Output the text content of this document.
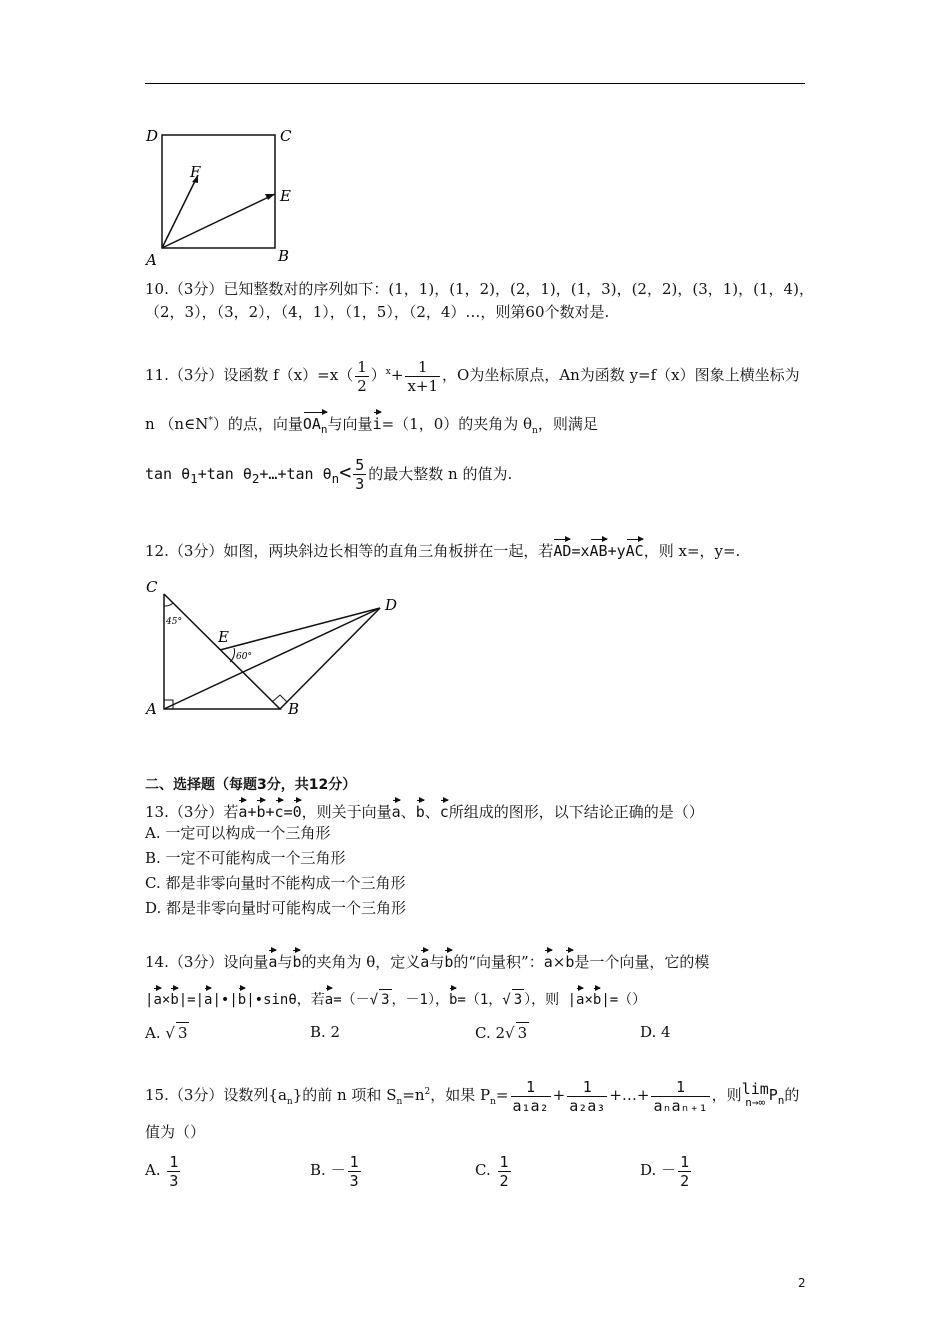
D	C
F
E
A	B
10.（3分）已知整数对的序列如下：(1，1)，(1，2)，(2，1)，(1，3)，(2，2)，(3，1)，(1，4)，
（2，3），（3，2），（4，1），（1，5），（2，4）…，则第60个数对是.
11.（3分）设函数 $f(x)=x( \frac{1}{2} )^x+ \frac{1}{x+1}$ ，O为坐标原点，An为函数 y=f（x）图象上横坐标为
n （n∈N*）的点，向量$OA_n$与向量i=（1，0）的夹角为 $\theta_n$，则满足
$\tan \theta_1+\tan$ $\theta_2+\dots+\tan$ $\theta_n< \frac{5}{3}$ 的最大整数 n 的值为.
12.（3分）如图，两块斜边长相等的直角三角板拼在一起，若AD=xAB+yAC，则 x=，y=.
C
D
E
A	B
45°
60°
二、选择题（每题3分，共12分）
13.（3分）若a+b+c=0，则关于向量a、b、c所组成的图形，以下结论正确的是（）
A. 一定可以构成一个三角形
B. 一定不可能构成一个三角形
C. 都是非零向量时不能构成一个三角形
D. 都是非零向量时可能构成一个三角形
14.（3分）设向量a与b的夹角为 θ，定义a与b的“向量积”：a×b是一个向量，它的模
|a×b|=|a|•|b|•sinθ，若a=（－√ 3 ，－1），b=（1，√ 3 ），则 |a×b|=（）
A. √ 3	B. 2	C. 2√ 3	D. 4
15.（3分）设数列$\{a_n\}$的前 n 项和 $S_n=n^2$，如果 $P_n= \frac{1}{\text{a₁a₂}} + \frac{1}{\text{a₂a₃}}$ +…+ $\frac{1}{\text{aₙaₙ₊₁}}$ ，则 lim
n→∞ $P_n$的
值为（）
A. $\frac{1}{3}$	B. － $\frac{1}{3}$	C. $\frac{1}{2}$	D. － $\frac{1}{2}$
2
